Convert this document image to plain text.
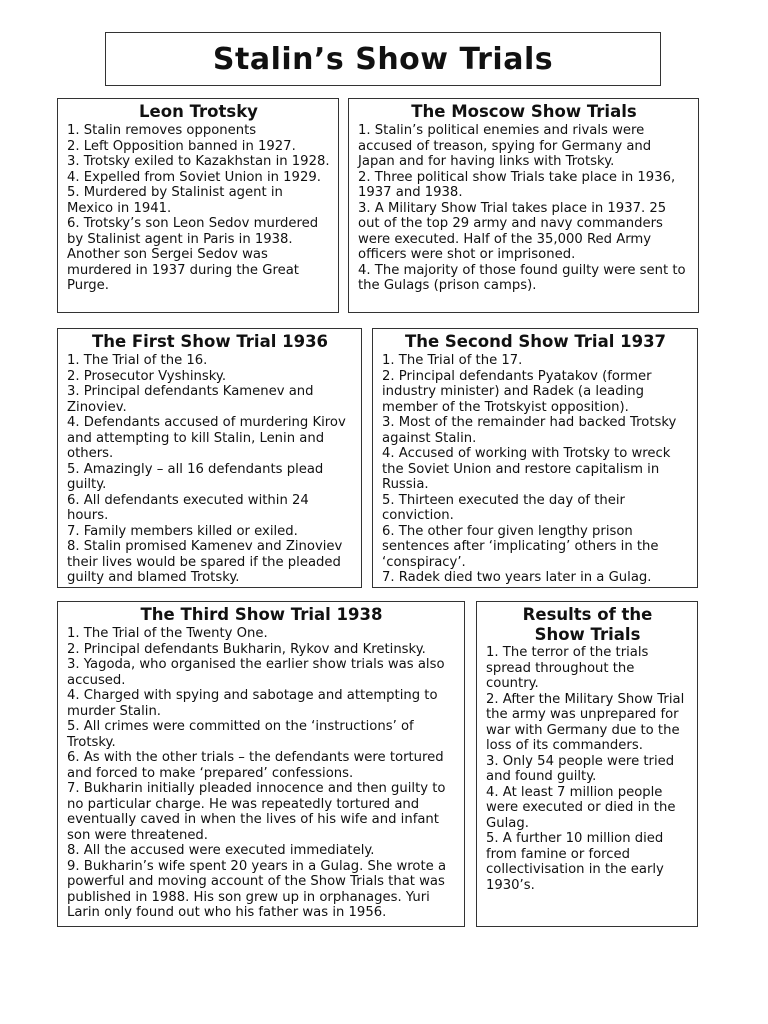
Stalin’s Show Trials
Leon Trotsky
1. Stalin removes opponents
2. Left Opposition banned in 1927.
3. Trotsky exiled to Kazakhstan in 1928.
4. Expelled from Soviet Union in 1929.
5. Murdered by Stalinist agent in Mexico in 1941.
6. Trotsky’s son Leon Sedov murdered by Stalinist agent in Paris in 1938. Another son Sergei Sedov was murdered in 1937 during the Great Purge.
The Moscow Show Trials
1. Stalin’s political enemies and rivals were accused of treason, spying for Germany and Japan and for having links with Trotsky.
2. Three political show Trials take place in 1936, 1937 and 1938.
3. A Military Show Trial takes place in 1937. 25 out of the top 29 army and navy commanders were executed. Half of the 35,000 Red Army officers were shot or imprisoned.
4. The majority of those found guilty were sent to the Gulags (prison camps).
The First Show Trial 1936
1. The Trial of the 16.
2. Prosecutor Vyshinsky.
3. Principal defendants Kamenev and Zinoviev.
4. Defendants accused of murdering Kirov and attempting to kill Stalin, Lenin and others.
5. Amazingly – all 16 defendants plead guilty.
6. All defendants executed within 24 hours.
7. Family members killed or exiled.
8. Stalin promised Kamenev and Zinoviev their lives would be spared if the pleaded guilty and blamed Trotsky.
The Second Show Trial 1937
1. The Trial of the 17.
2. Principal defendants Pyatakov (former industry minister) and Radek (a leading member of the Trotskyist opposition).
3. Most of the remainder had backed Trotsky against Stalin.
4. Accused of working with Trotsky to wreck the Soviet Union and restore capitalism in Russia.
5. Thirteen executed the day of their conviction.
6. The other four given lengthy prison sentences after ‘implicating’ others in the ‘conspiracy’.
7. Radek died two years later in a Gulag.
The Third Show Trial 1938
1. The Trial of the Twenty One.
2. Principal defendants Bukharin, Rykov and Kretinsky.
3. Yagoda, who organised the earlier show trials was also accused.
4. Charged with spying and sabotage and attempting to murder Stalin.
5. All crimes were committed on the ‘instructions’ of Trotsky.
6. As with the other trials – the defendants were tortured and forced to make ‘prepared’ confessions.
7. Bukharin initially pleaded innocence and then guilty to no particular charge. He was repeatedly tortured and eventually caved in when the lives of his wife and infant son were threatened.
8. All the accused were executed immediately.
9. Bukharin’s wife spent 20 years in a Gulag. She wrote a powerful and moving account of the Show Trials that was published in 1988. His son grew up in orphanages. Yuri Larin only found out who his father was in 1956.
Results of the
Show Trials
1. The terror of the trials spread throughout the country.
2. After the Military Show Trial the army was unprepared for war with Germany due to the loss of its commanders.
3. Only 54 people were tried and found guilty.
4. At least 7 million people were executed or died in the Gulag.
5. A further 10 million died from famine or forced collectivisation in the early 1930’s.
